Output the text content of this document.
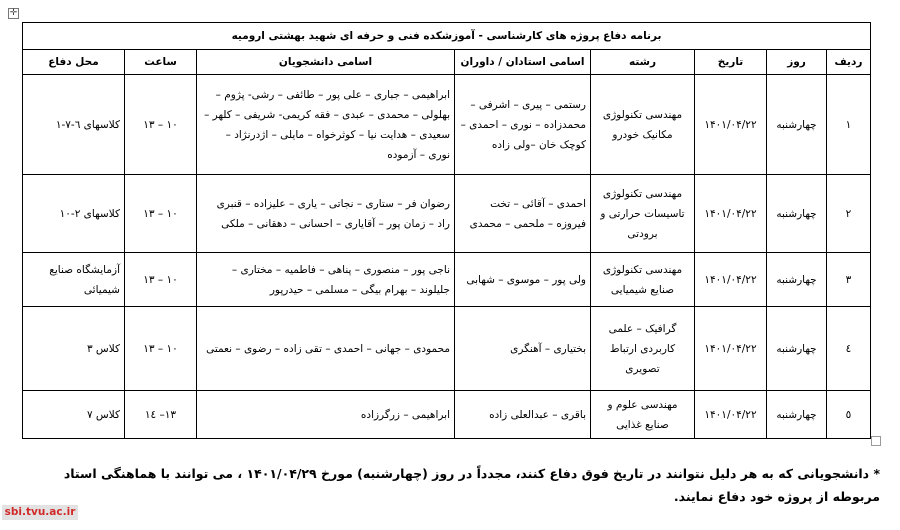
✛
برنامه دفاع پروژه های کارشناسی - آموزشکده فنی و حرفه ای شهید بهشتی ارومیه							
ردیف	روز	تاریخ	رشته	اسامی استادان / داوران	اسامی دانشجویان	ساعت	محل دفاع
۱	چهارشنبه	۱۴۰۱/۰۴/۲۲	مهندسی تکنولوژی مکانیک خودرو	رستمی – پیری – اشرفی – محمدزاده – نوری – احمدی – کوچک خان –ولی زاده	ابراهیمی – جباری – علی پور – طائفی – رشی- پژوم – بهلولی – محمدی – عبدی – فقه کریمی- شریفی – کلهر – سعیدی – هدایت نیا – کوثرخواه – مایلی – اژدرنژاد – نوری – آزموده	۱۰ – ۱۳	کلاسهای ٦-٧-۱
۲	چهارشنبه	۱۴۰۱/۰۴/۲۲	مهندسی تکنولوژی تاسیسات حرارتی و برودتی	احمدی – آقائی – تخت فیروزه – ملحمی – محمدی	رضوان فر – ستاری – نجاتی – یاری – علیزاده – قنبری راد – زمان پور – آقایاری – احسانی – دهقانی – ملکی	۱۰ – ۱۳	کلاسهای ۲-۱۰
۳	چهارشنبه	۱۴۰۱/۰۴/۲۲	مهندسی تکنولوژی صنایع شیمیایی	ولی پور – موسوی – شهابی	ناجی پور – منصوری – پناهی – فاطمیه – مختاری – جلیلوند – بهرام بیگی – مسلمی – حیدرپور	۱۰ – ۱۳	آزمایشگاه صنایع شیمیائی
٤	چهارشنبه	۱۴۰۱/۰۴/۲۲	گرافیک – علمی کاربردی ارتباط تصویری	بختیاری – آهنگری	محمودی – جهانی – احمدی – تقی زاده – رضوی – نعمتی	۱۰ – ۱۳	کلاس ۳
٥	چهارشنبه	۱۴۰۱/۰۴/۲۲	مهندسی علوم و صنایع غذایی	باقری – عبدالعلی زاده	ابراهیمی – زرگرزاده	۱۳– ۱٤	کلاس ۷
* دانشجویانی که به هر دلیل نتوانند در تاریخ فوق دفاع کنند، مجدداً در روز (چهارشنبه) مورخ ۱۴۰۱/۰۴/۲۹ ، می توانند با هماهنگی استاد مربوطه از پروژه خود دفاع نمایند.
sbi.tvu.ac.ir
